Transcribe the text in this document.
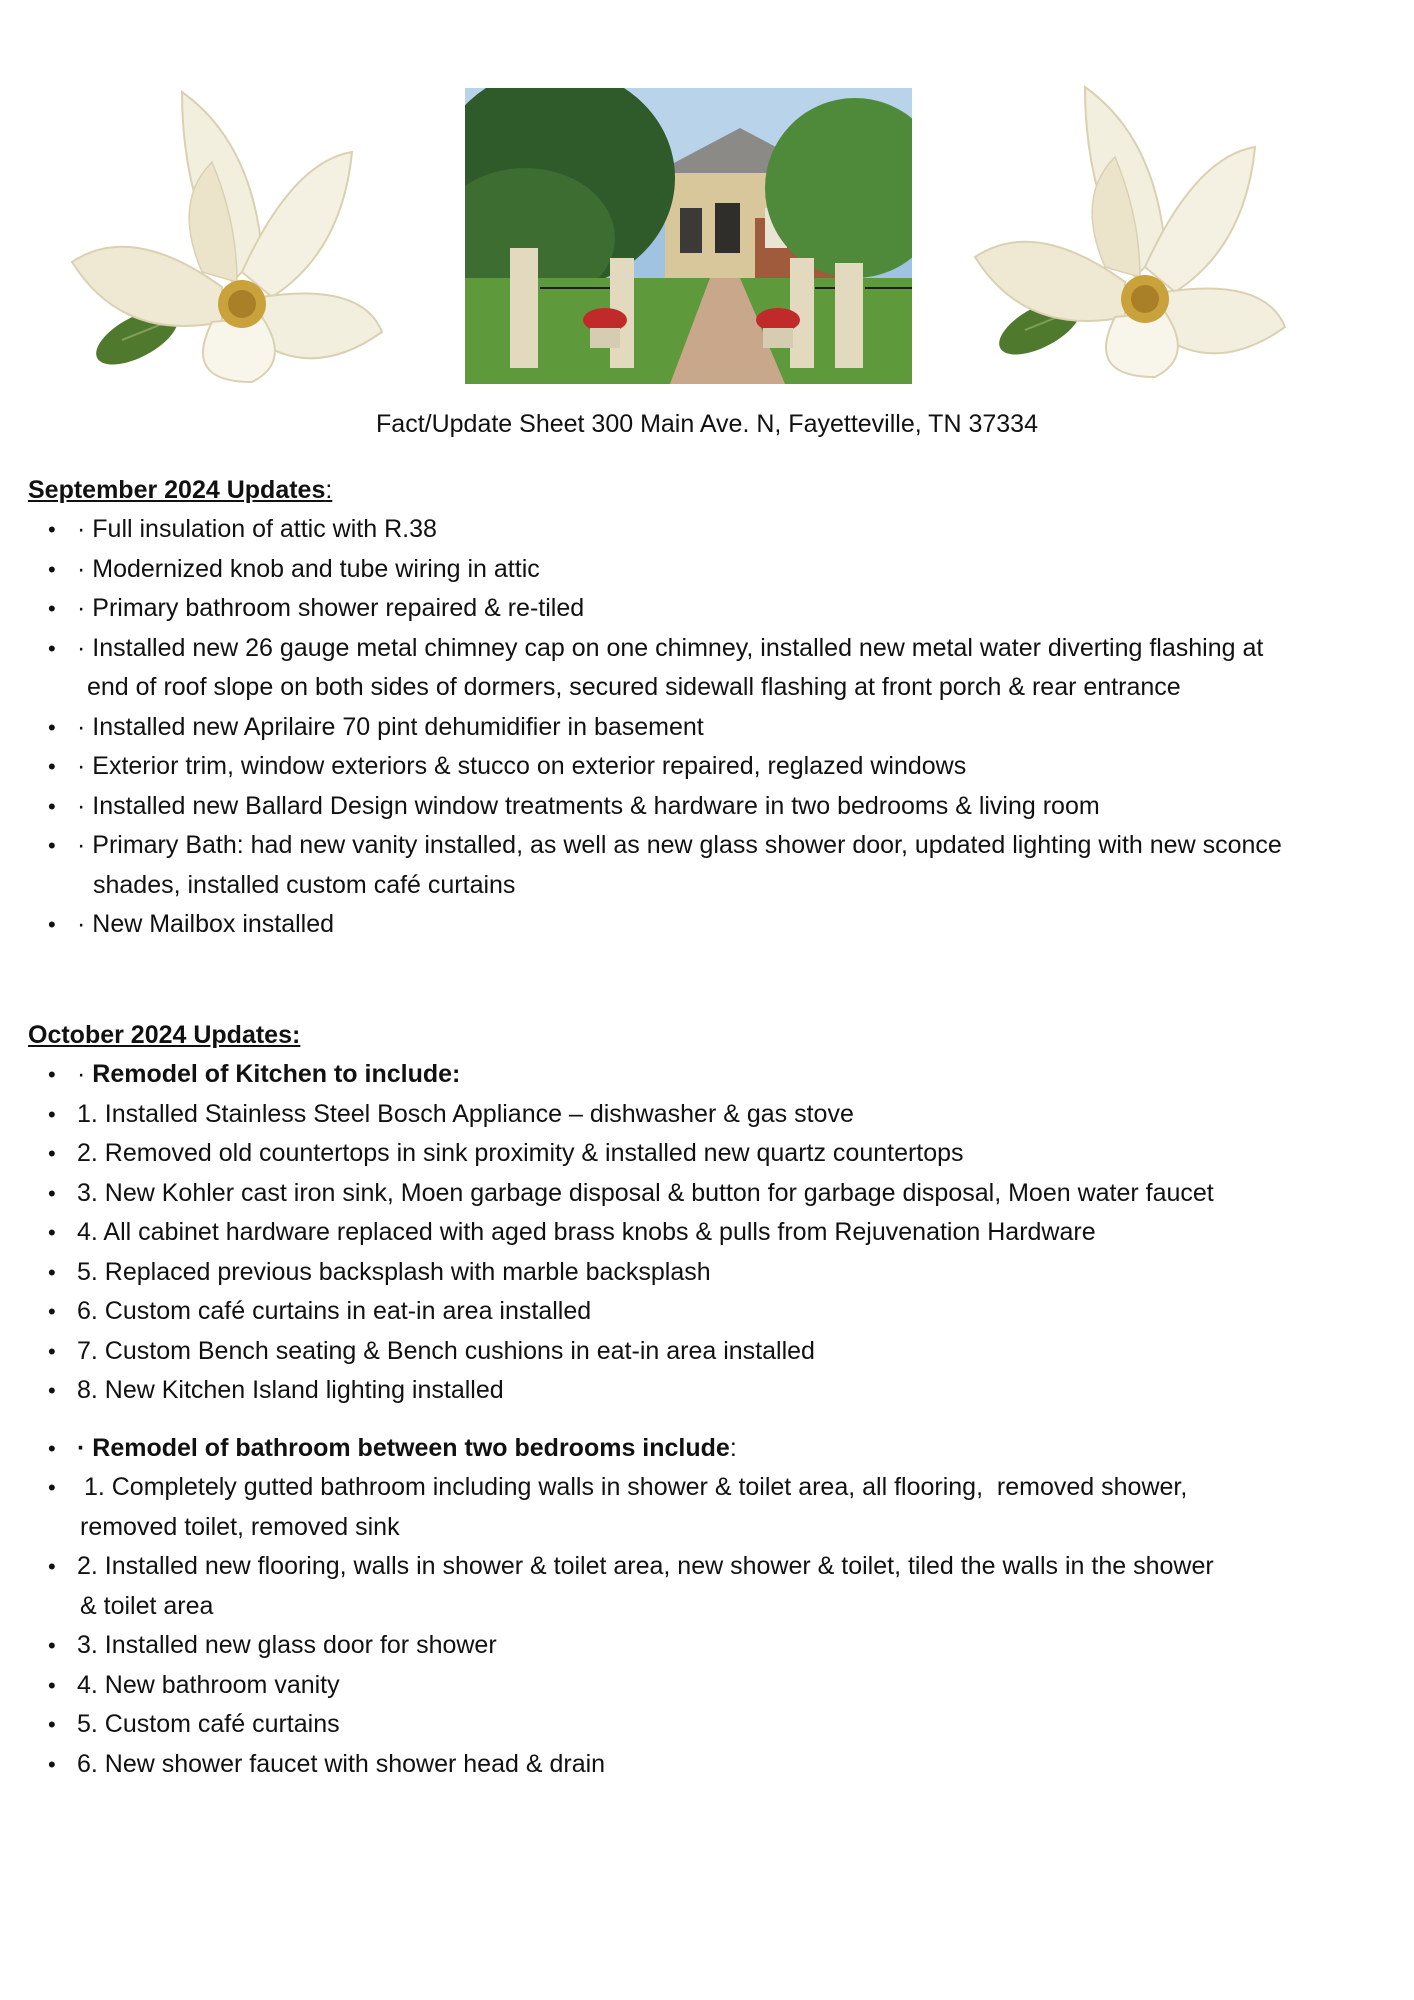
Fact/Update Sheet 300 Main Ave. N, Fayetteville, TN 37334

September 2024 Updates:

• · Full insulation of attic with R.38
• · Modernized knob and tube wiring in attic
• · Primary bathroom shower repaired & re-tiled
• · Installed new 26 gauge metal chimney cap on one chimney, installed new metal water diverting flashing at
end of roof slope on both sides of dormers, secured sidewall flashing at front porch & rear entrance
• · Installed new Aprilaire 70 pint dehumidifier in basement
• · Exterior trim, window exteriors & stucco on exterior repaired, reglazed windows
• · Installed new Ballard Design window treatments & hardware in two bedrooms & living room
• · Primary Bath: had new vanity installed, as well as new glass shower door, updated lighting with new sconce
shades, installed custom café curtains
• · New Mailbox installed

October 2024 Updates:

• · Remodel of Kitchen to include:
• 1. Installed Stainless Steel Bosch Appliance – dishwasher & gas stove
• 2. Removed old countertops in sink proximity & installed new quartz countertops
• 3. New Kohler cast iron sink, Moen garbage disposal & button for garbage disposal, Moen water faucet
• 4. All cabinet hardware replaced with aged brass knobs & pulls from Rejuvenation Hardware
• 5. Replaced previous backsplash with marble backsplash
• 6. Custom café curtains in eat-in area installed
• 7. Custom Bench seating & Bench cushions in eat-in area installed
• 8. New Kitchen Island lighting installed
• · Remodel of bathroom between two bedrooms include:
•  1. Completely gutted bathroom including walls in shower & toilet area, all flooring,  removed shower,
removed toilet, removed sink
• 2. Installed new flooring, walls in shower & toilet area, new shower & toilet, tiled the walls in the shower
& toilet area
• 3. Installed new glass door for shower
• 4. New bathroom vanity
• 5. Custom café curtains
• 6. New shower faucet with shower head & drain
